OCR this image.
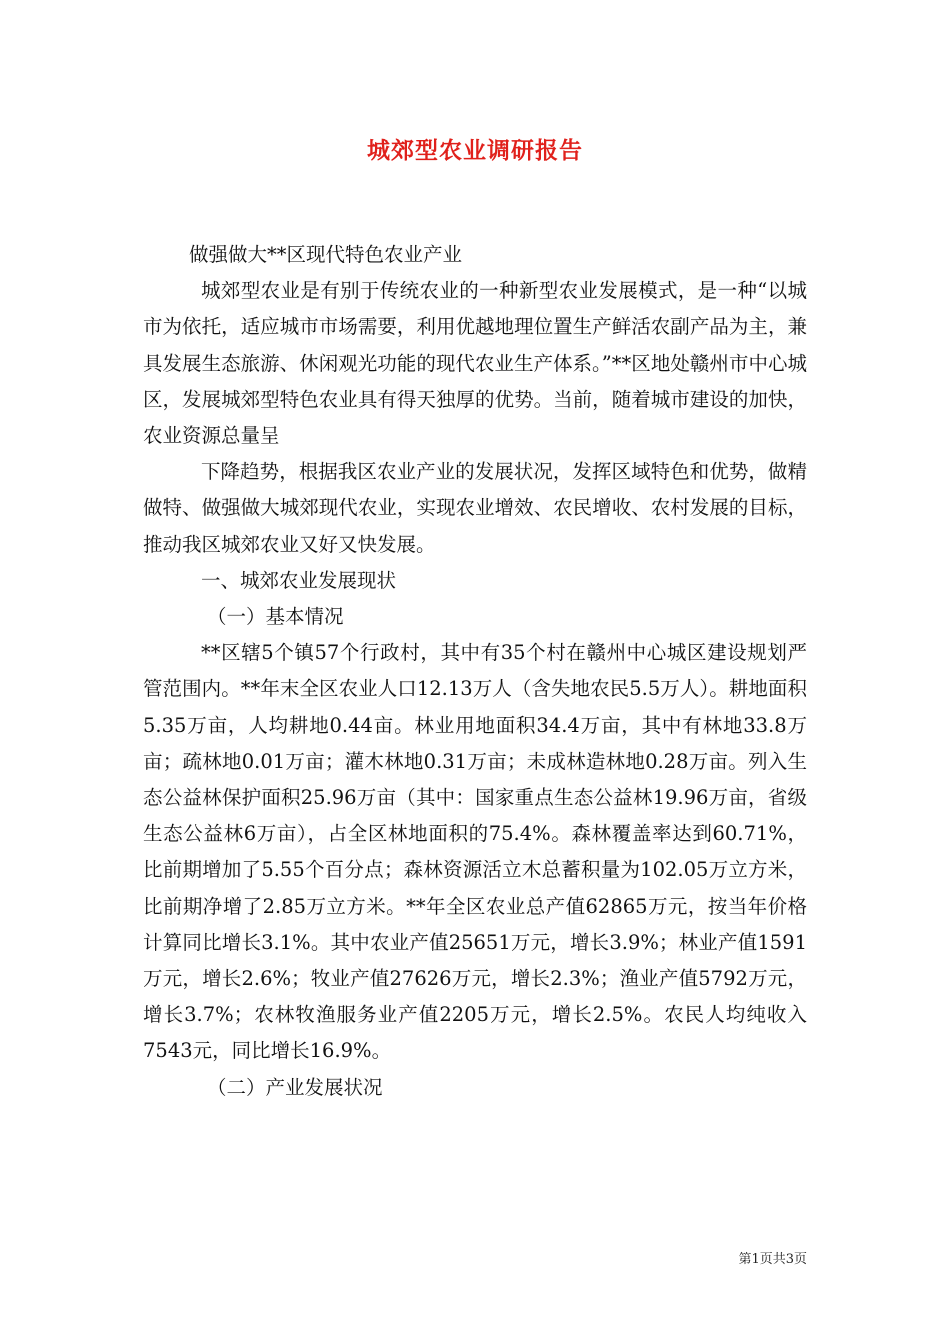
城郊型农业调研报告

做强做大**区现代特色农业产业

城郊型农业是有别于传统农业的一种新型农业发展模式，是一种“以城市为依托，适应城市市场需要，利用优越地理位置生产鲜活农副产品为主，兼具发展生态旅游、休闲观光功能的现代农业生产体系。”**区地处赣州市中心城区，发展城郊型特色农业具有得天独厚的优势。当前，随着城市建设的加快，农业资源总量呈

下降趋势，根据我区农业产业的发展状况，发挥区域特色和优势，做精做特、做强做大城郊现代农业，实现农业增效、农民增收、农村发展的目标，推动我区城郊农业又好又快发展。

一、城郊农业发展现状

（一）基本情况

**区辖5个镇57个行政村，其中有35个村在赣州中心城区建设规划严管范围内。**年末全区农业人口12.13万人（含失地农民5.5万人）。耕地面积5.35万亩，人均耕地0.44亩。林业用地面积34.4万亩，其中有林地33.8万亩；疏林地0.01万亩；灌木林地0.31万亩；未成林造林地0.28万亩。列入生态公益林保护面积25.96万亩（其中：国家重点生态公益林19.96万亩，省级生态公益林6万亩），占全区林地面积的75.4%。森林覆盖率达到60.71%，比前期增加了5.55个百分点；森林资源活立木总蓄积量为102.05万立方米，比前期净增了2.85万立方米。**年全区农业总产值62865万元，按当年价格计算同比增长3.1%。其中农业产值25651万元，增长3.9%；林业产值1591万元，增长2.6%；牧业产值27626万元，增长2.3%；渔业产值5792万元，增长3.7%；农林牧渔服务业产值2205万元，增长2.5%。农民人均纯收入7543元，同比增长16.9%。

（二）产业发展状况

第1页共3页
